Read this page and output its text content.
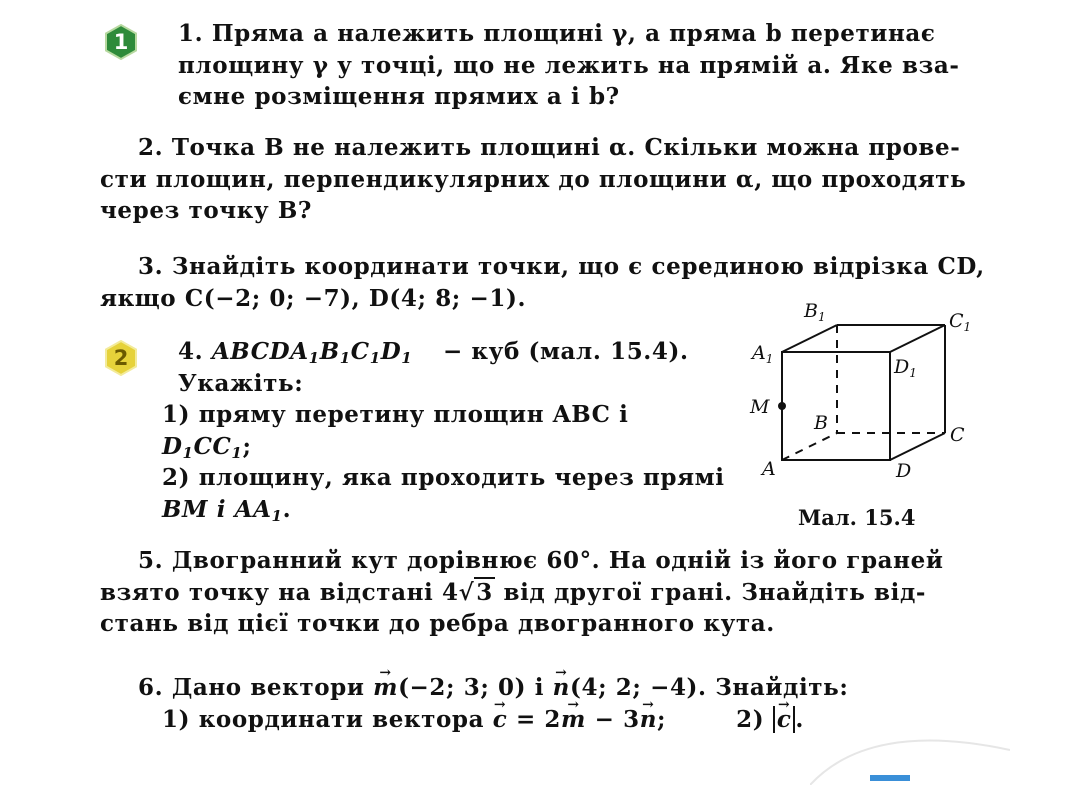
1	1. Пряма a належить площині γ, а пряма b перетинає
площину γ у точці, що не лежить на прямій a. Яке вза-
ємне розміщення прямих a і b?
2. Точка B не належить площині α. Скільки можна прове-
сти площин, перпендикулярних до площини α, що проходять
через точку B?
3. Знайдіть координати точки, що є серединою відрізка CD,
якщо C(−2; 0; −7), D(4; 8; −1).
2	4. $ABCDA_1B_1C_1D_1$ − куб (мал. 15.4).
Укажіть:
1) пряму перетину площин ABC і
$D_1CC_1$;
2) площину, яка проходить через прямі
BM і $AA_1$.
$B_1$	$C_1$
$A_1$	$D_1$
M
B
C
A	D
Мал. 15.4
5. Двогранний кут дорівнює 60°. На одній із його граней
взято точку на відстані 4√3 від другої грані. Знайдіть від-
стань від цієї точки до ребра двогранного кута.
6. Дано вектори → m(−2; 3; 0) і → n(4; 2; −4). Знайдіть:
1) координати вектора → c = 2→ m − 3→ n;	2) → c .
